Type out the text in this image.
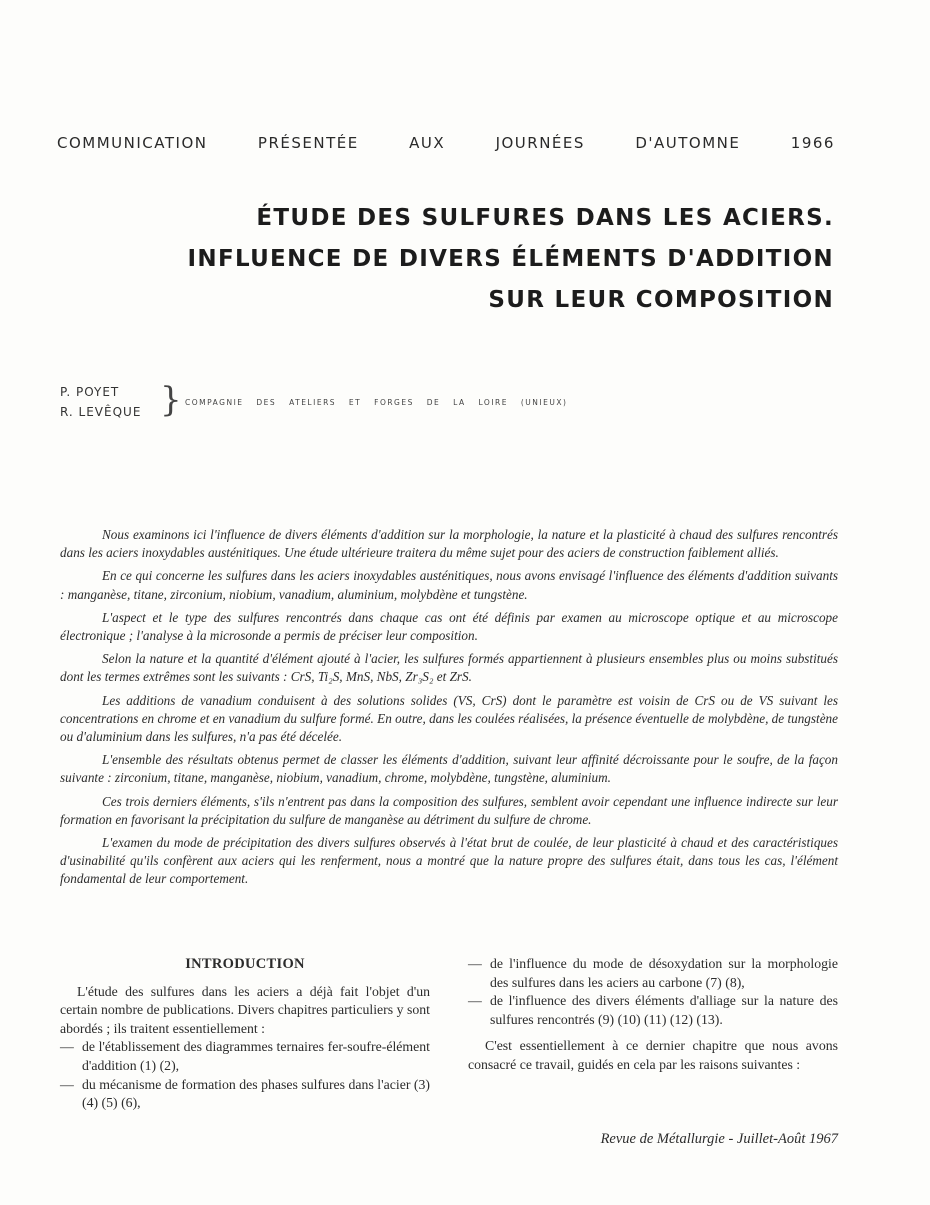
COMMUNICATION	PRÉSENTÉE	AUX	JOURNÉES	D'AUTOMNE	1966
ÉTUDE DES SULFURES DANS LES ACIERS.
INFLUENCE DE DIVERS ÉLÉMENTS D'ADDITION
SUR LEUR COMPOSITION
P. POYET
R. LEVÊQUE } COMPAGNIE DES ATELIERS ET FORGES DE LA LOIRE (UNIEUX)

Nous examinons ici l'influence de divers éléments d'addition sur la morphologie, la nature et la plasticité à chaud des sulfures rencontrés dans les aciers inoxydables austénitiques. Une étude ultérieure traitera du même sujet pour des aciers de construction faiblement alliés.

En ce qui concerne les sulfures dans les aciers inoxydables austénitiques, nous avons envisagé l'influence des éléments d'addition suivants : manganèse, titane, zirconium, niobium, vanadium, aluminium, molybdène et tungstène.

L'aspect et le type des sulfures rencontrés dans chaque cas ont été définis par examen au microscope optique et au microscope électronique ; l'analyse à la microsonde a permis de préciser leur composition.

Selon la nature et la quantité d'élément ajouté à l'acier, les sulfures formés appartiennent à plusieurs ensembles plus ou moins substitués dont les termes extrêmes sont les suivants : CrS, Ti₂S, MnS, NbS, Zr₃S₂ et ZrS.

Les additions de vanadium conduisent à des solutions solides (VS, CrS) dont le paramètre est voisin de CrS ou de VS suivant les concentrations en chrome et en vanadium du sulfure formé. En outre, dans les coulées réalisées, la présence éventuelle de molybdène, de tungstène ou d'aluminium dans les sulfures, n'a pas été décelée.

L'ensemble des résultats obtenus permet de classer les éléments d'addition, suivant leur affinité décroissante pour le soufre, de la façon suivante : zirconium, titane, manganèse, niobium, vanadium, chrome, molybdène, tungstène, aluminium.

Ces trois derniers éléments, s'ils n'entrent pas dans la composition des sulfures, semblent avoir cependant une influence indirecte sur leur formation en favorisant la précipitation du sulfure de manganèse au détriment du sulfure de chrome.

L'examen du mode de précipitation des divers sulfures observés à l'état brut de coulée, de leur plasticité à chaud et des caractéristiques d'usinabilité qu'ils confèrent aux aciers qui les renferment, nous a montré que la nature propre des sulfures était, dans tous les cas, l'élément fondamental de leur comportement.

INTRODUCTION

L'étude des sulfures dans les aciers a déjà fait l'objet d'un certain nombre de publications. Divers chapitres particuliers y sont abordés ; ils traitent essentiellement :

— de l'établissement des diagrammes ternaires fer-soufre-élément d'addition (1) (2),

— du mécanisme de formation des phases sulfures dans l'acier (3) (4) (5) (6),

— de l'influence du mode de désoxydation sur la morphologie des sulfures dans les aciers au carbone (7) (8),

— de l'influence des divers éléments d'alliage sur la nature des sulfures rencontrés (9) (10) (11) (12) (13).

C'est essentiellement à ce dernier chapitre que nous avons consacré ce travail, guidés en cela par les raisons suivantes :

Revue de Métallurgie - Juillet-Août 1967
